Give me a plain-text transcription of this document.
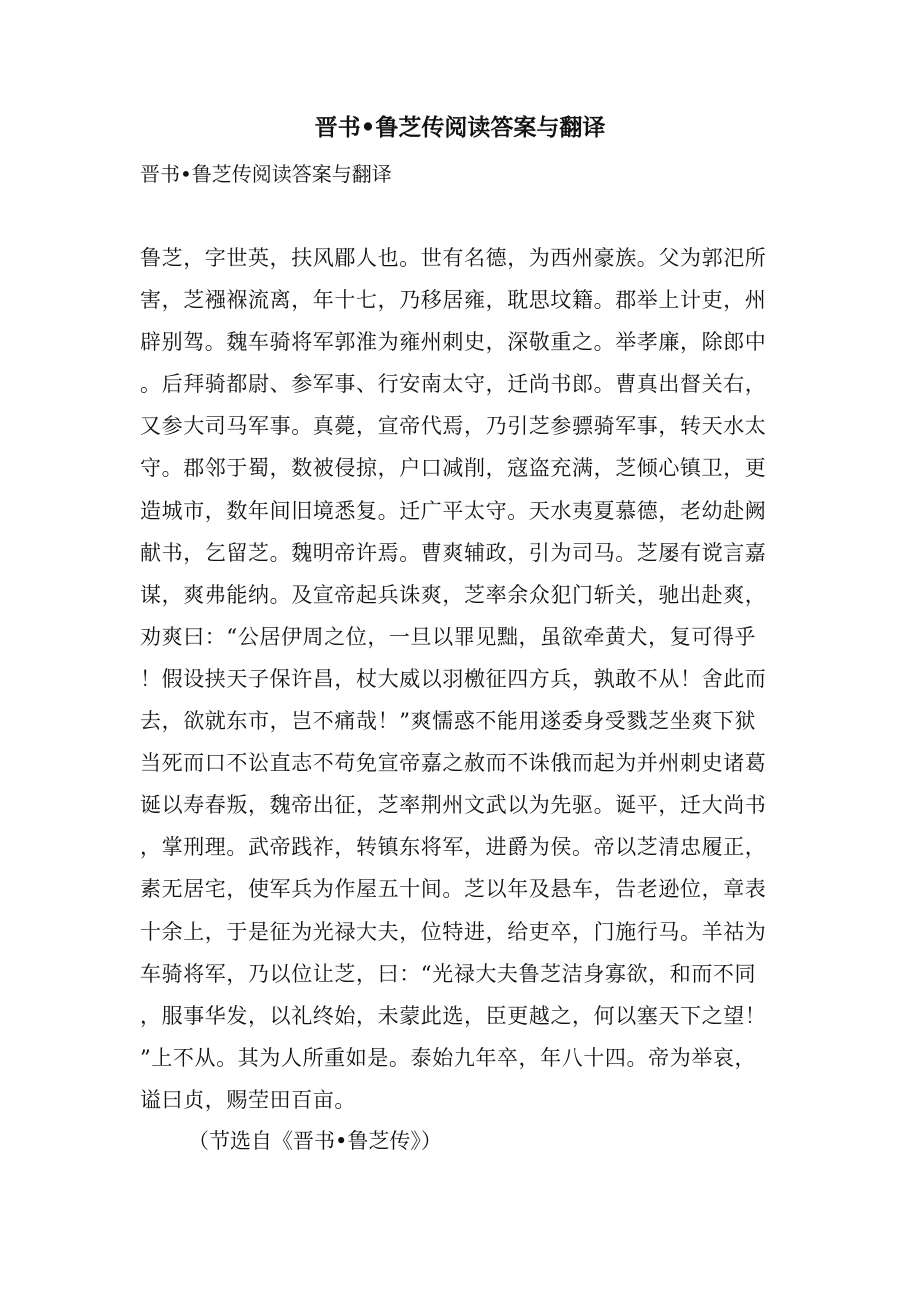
晋书•鲁芝传阅读答案与翻译
晋书•鲁芝传阅读答案与翻译
鲁芝，字世英，扶风郿人也。世有名德，为西州豪族。父为郭汜所
害，芝襁褓流离，年十七，乃移居雍，耽思坟籍。郡举上计吏，州
辟别驾。魏车骑将军郭淮为雍州刺史，深敬重之。举孝廉，除郎中
。后拜骑都尉、参军事、行安南太守，迁尚书郎。曹真出督关右，
又参大司马军事。真薨，宣帝代焉，乃引芝参骠骑军事，转天水太
守。郡邻于蜀，数被侵掠，户口减削，寇盗充满，芝倾心镇卫，更
造城市，数年间旧境悉复。迁广平太守。天水夷夏慕德，老幼赴阙
献书，乞留芝。魏明帝许焉。曹爽辅政，引为司马。芝屡有谠言嘉
谋，爽弗能纳。及宣帝起兵诛爽，芝率余众犯门斩关，驰出赴爽，
劝爽曰：“公居伊周之位，一旦以罪见黜，虽欲牵黄犬，复可得乎
！假设挟天子保许昌，杖大威以羽檄征四方兵，孰敢不从！舍此而
去，欲就东市，岂不痛哉！”爽懦惑不能用遂委身受戮芝坐爽下狱
当死而口不讼直志不苟免宣帝嘉之赦而不诛俄而起为并州刺史诸葛
诞以寿春叛，魏帝出征，芝率荆州文武以为先驱。诞平，迁大尚书
，掌刑理。武帝践祚，转镇东将军，进爵为侯。帝以芝清忠履正，
素无居宅，使军兵为作屋五十间。芝以年及悬车，告老逊位，章表
十余上，于是征为光禄大夫，位特进，给吏卒，门施行马。羊祜为
车骑将军，乃以位让芝，曰：“光禄大夫鲁芝洁身寡欲，和而不同
，服事华发，以礼终始，未蒙此选，臣更越之，何以塞天下之望！
”上不从。其为人所重如是。泰始九年卒，年八十四。帝为举哀，
谥曰贞，赐茔田百亩。
（节选自《晋书•鲁芝传》）
